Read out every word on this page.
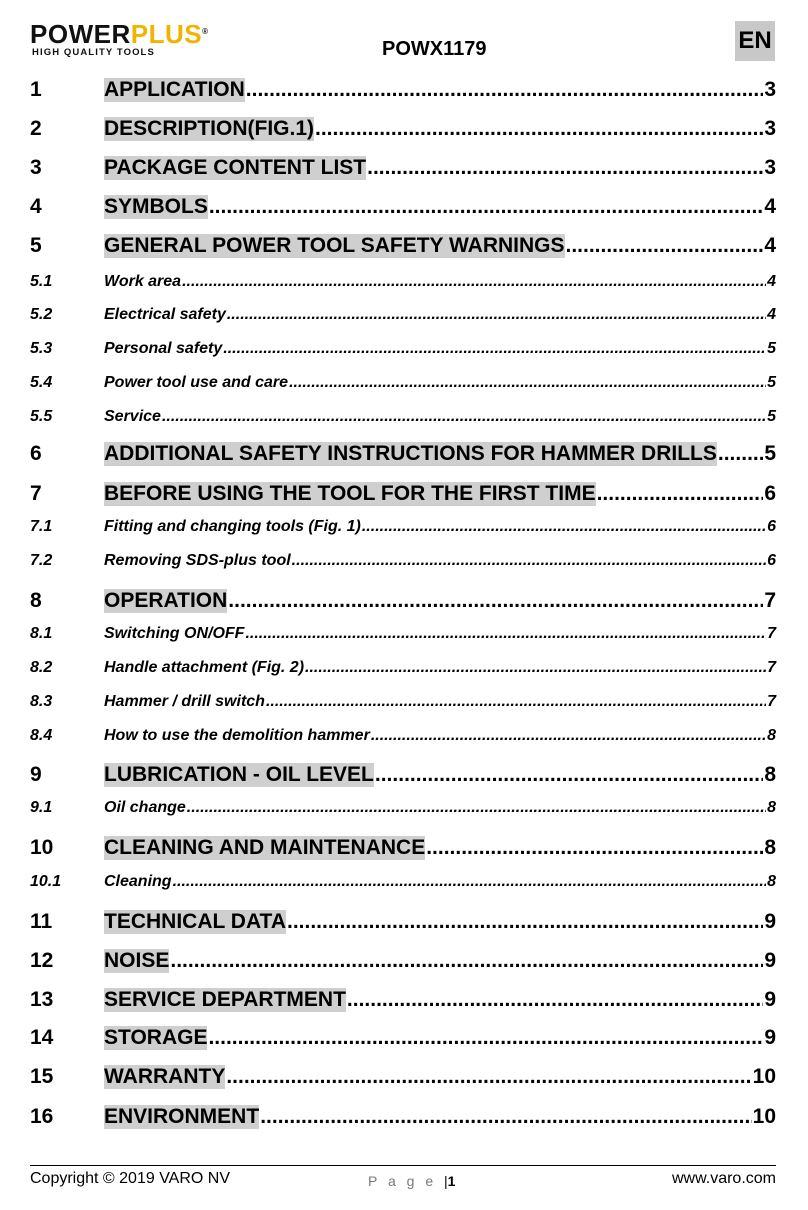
POWERPLUS®
HIGH QUALITY TOOLS	POWX1179	EN
1	APPLICATION .....	3
2	DESCRIPTION(FIG.1) .....	3
3	PACKAGE CONTENT LIST .....	3
4	SYMBOLS .....	4
5	GENERAL POWER TOOL SAFETY WARNINGS .....	4
5.1	Work area .....	4
5.2	Electrical safety .....	4
5.3	Personal safety .....	5
5.4	Power tool use and care .....	5
5.5	Service .....	5
6	ADDITIONAL SAFETY INSTRUCTIONS FOR HAMMER DRILLS ..... 5
7	BEFORE USING THE TOOL FOR THE FIRST TIME .....	6
7.1	Fitting and changing tools (Fig. 1) .....	6
7.2	Removing SDS-plus tool .....	6
8	OPERATION .....	7
8.1	Switching ON/OFF .....	7
8.2	Handle attachment (Fig. 2) .....	7
8.3	Hammer / drill switch .....	7
8.4	How to use the demolition hammer .....	8
9	LUBRICATION - OIL LEVEL .....	8
9.1	Oil change .....	8
10 CLEANING AND MAINTENANCE .....	8
10.1	Cleaning .....	8
11 TECHNICAL DATA .....	9
12 NOISE .....	9
13 SERVICE DEPARTMENT .....	9
14 STORAGE .....	9
15 WARRANTY .....	10
16 ENVIRONMENT .....	10
Copyright © 2019 VARO NV	P a g e |1	www.varo.com
